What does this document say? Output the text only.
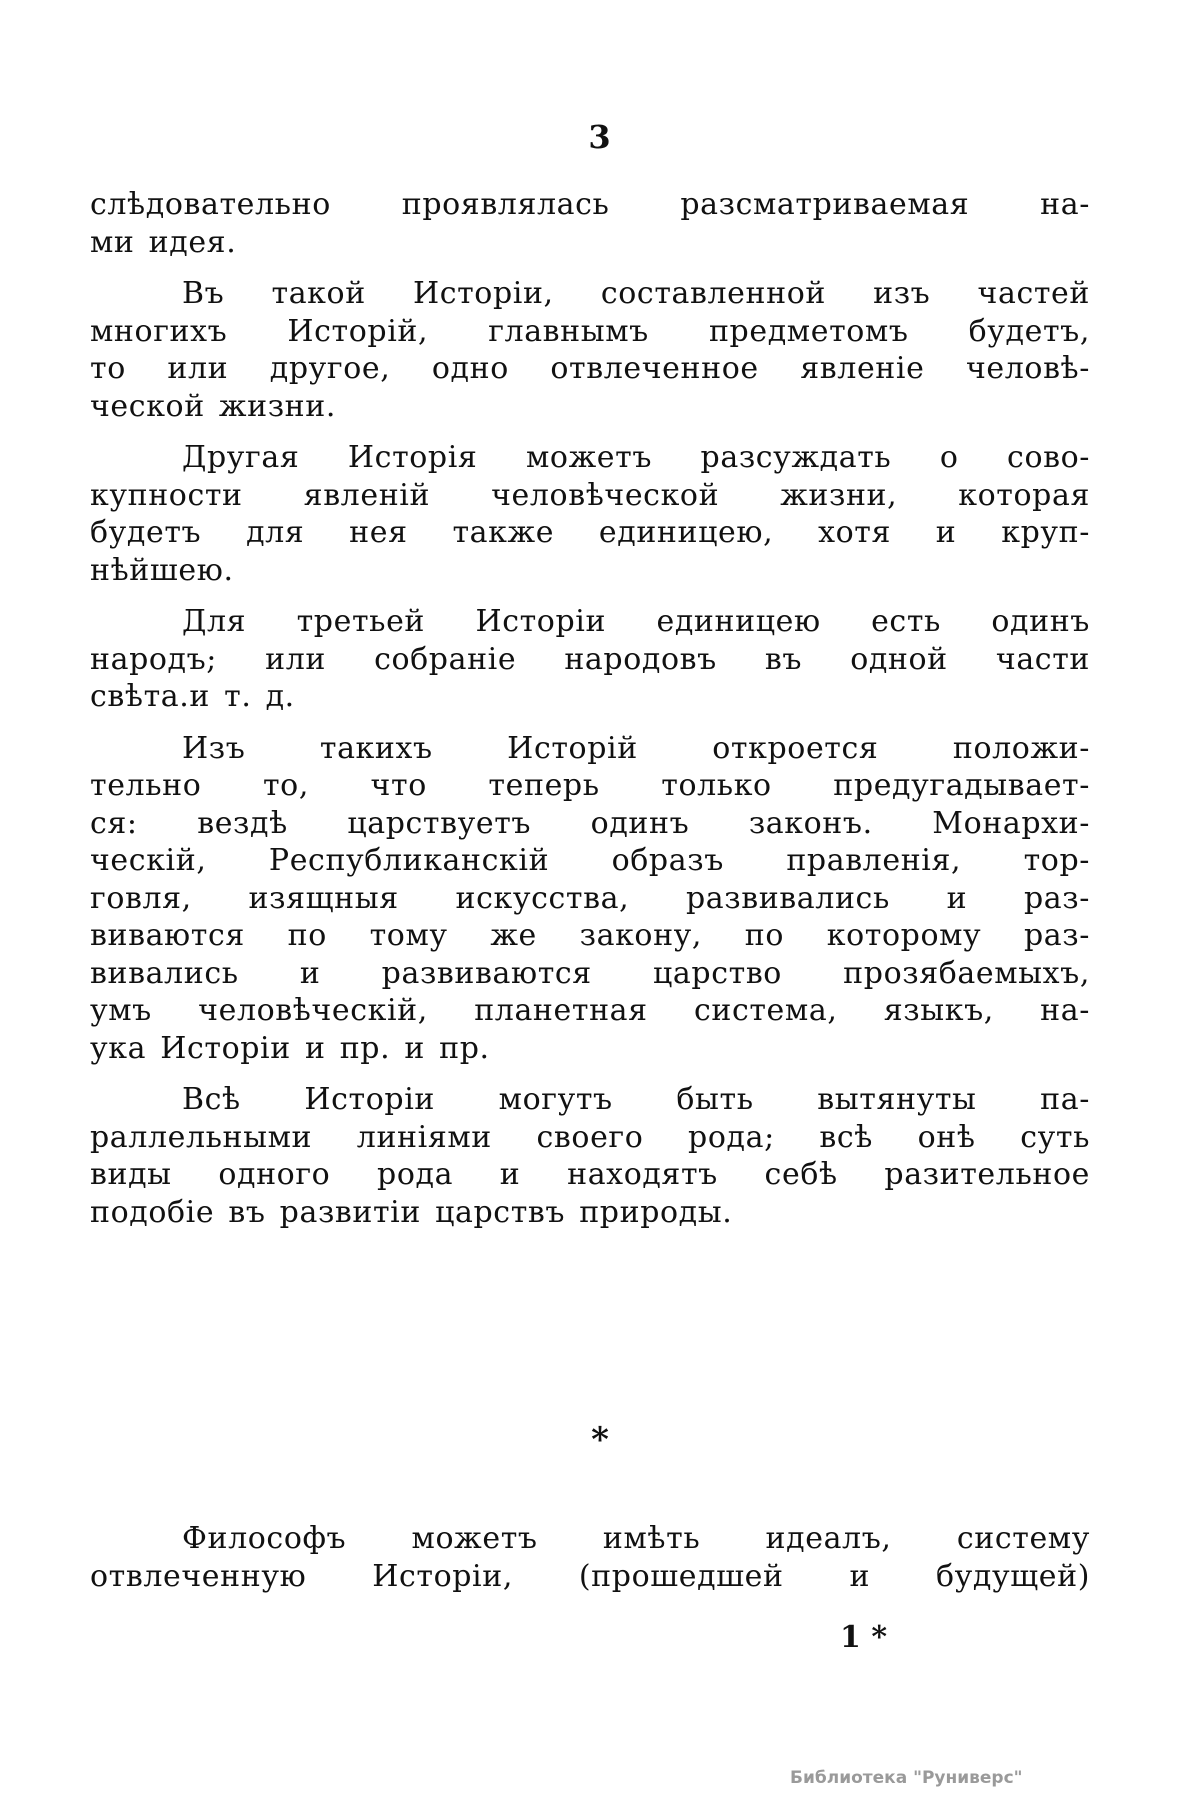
3
слѣдовательно проявлялась разсматриваемая на-
ми идея.
Въ такой Исторіи, составленной изъ частей
многихъ Исторій, главнымъ предметомъ будетъ,
то или другое, одно отвлеченное явленіе человѣ-
ческой жизни.
Другая Исторія можетъ разсуждать о сово-
купности явленій человѣческой жизни, которая
будетъ для нея также единицею, хотя и круп-
нѣйшею.
Для третьей Исторіи единицею есть одинъ
народъ; или собраніе народовъ въ одной части
свѣта.и т. д.
Изъ такихъ Исторій откроется положи-
тельно то, что теперь только предугадывает-
ся: вездѣ царствуетъ одинъ законъ. Монархи-
ческій, Республиканскій образъ правленія, тор-
говля, изящныя искусства, развивались и раз-
виваются по тому же закону, по которому раз-
вивались и развиваются царство прозябаемыхъ,
умъ человѣческій, планетная система, языкъ, на-
ука Исторіи и пр. и пр.
Всѣ Исторіи могутъ быть вытянуты па-
раллельными линіями своего рода; всѣ онѣ суть
виды одного рода и находятъ себѣ разительное
подобіе въ развитіи царствъ природы.
*
Философъ можетъ имѣть идеалъ, систему
отвлеченную Исторіи, (прошедшей и будущей)
1 *
Библиотека "Руниверс"
